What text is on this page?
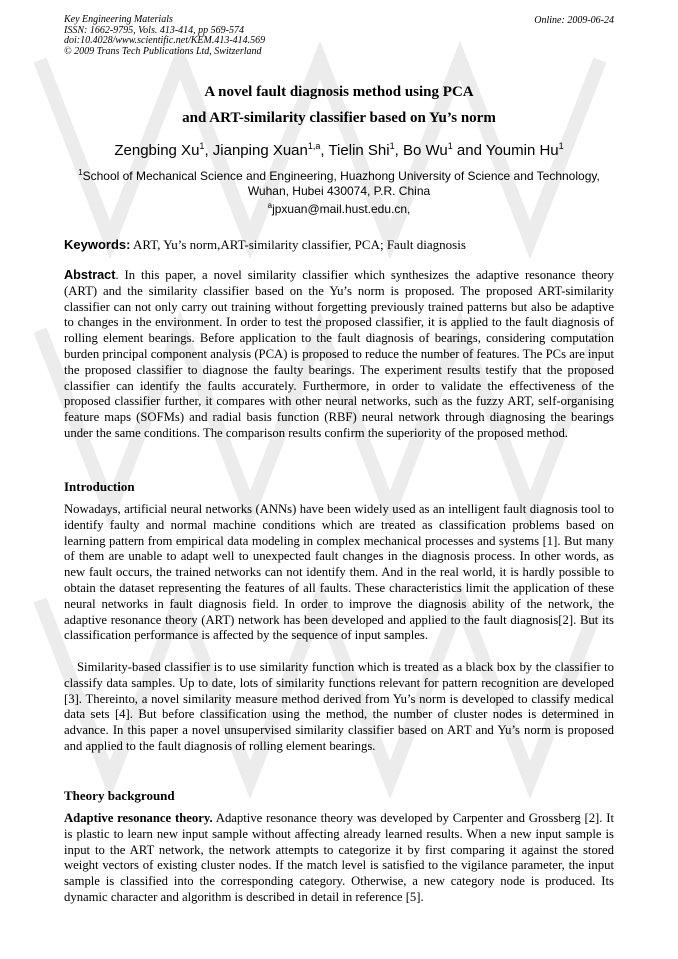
Key Engineering Materials
ISSN: 1662-9795, Vols. 413-414, pp 569-574
doi:10.4028/www.scientific.net/KEM.413-414.569
© 2009 Trans Tech Publications Ltd, Switzerland
Online: 2009-06-24
A novel fault diagnosis method using PCA
and ART-similarity classifier based on Yu’s norm
Zengbing Xu$^1$, Jianping Xuan$^{1,a}$, Tielin Shi$^1$, Bo Wu$^1$ and Youmin Hu$^1$
$^1$School of Mechanical Science and Engineering, Huazhong University of Science and Technology,
Wuhan, Hubei 430074, P.R. China
$^a$jpxuan@mail.hust.edu.cn,
Keywords: ART, Yu’s norm,ART-similarity classifier, PCA; Fault diagnosis
Abstract. In this paper, a novel similarity classifier which synthesizes the adaptive resonance theory (ART) and the similarity classifier based on the Yu’s norm is proposed. The proposed ART-similarity classifier can not only carry out training without forgetting previously trained patterns but also be adaptive to changes in the environment. In order to test the proposed classifier, it is applied to the fault diagnosis of rolling element bearings. Before application to the fault diagnosis of bearings, considering computation burden principal component analysis (PCA) is proposed to reduce the number of features. The PCs are input the proposed classifier to diagnose the faulty bearings. The experiment results testify that the proposed classifier can identify the faults accurately. Furthermore, in order to validate the effectiveness of the proposed classifier further, it compares with other neural networks, such as the fuzzy ART, self-organising feature maps (SOFMs) and radial basis function (RBF) neural network through diagnosing the bearings under the same conditions. The comparison results confirm the superiority of the proposed method.
Introduction
Nowadays, artificial neural networks (ANNs) have been widely used as an intelligent fault diagnosis tool to identify faulty and normal machine conditions which are treated as classification problems based on learning pattern from empirical data modeling in complex mechanical processes and systems [1]. But many of them are unable to adapt well to unexpected fault changes in the diagnosis process. In other words, as new fault occurs, the trained networks can not identify them. And in the real world, it is hardly possible to obtain the dataset representing the features of all faults. These characteristics limit the application of these neural networks in fault diagnosis field. In order to improve the diagnosis ability of the network, the adaptive resonance theory (ART) network has been developed and applied to the fault diagnosis[2]. But its classification performance is affected by the sequence of input samples.
Similarity-based classifier is to use similarity function which is treated as a black box by the classifier to classify data samples. Up to date, lots of similarity functions relevant for pattern recognition are developed [3]. Thereinto, a novel similarity measure method derived from Yu’s norm is developed to classify medical data sets [4]. But before classification using the method, the number of cluster nodes is determined in advance. In this paper a novel unsupervised similarity classifier based on ART and Yu’s norm is proposed and applied to the fault diagnosis of rolling element bearings.
Theory background
Adaptive resonance theory. Adaptive resonance theory was developed by Carpenter and Grossberg [2]. It is plastic to learn new input sample without affecting already learned results. When a new input sample is input to the ART network, the network attempts to categorize it by first comparing it against the stored weight vectors of existing cluster nodes. If the match level is satisfied to the vigilance parameter, the input sample is classified into the corresponding category. Otherwise, a new category node is produced. Its dynamic character and algorithm is described in detail in reference [5].
